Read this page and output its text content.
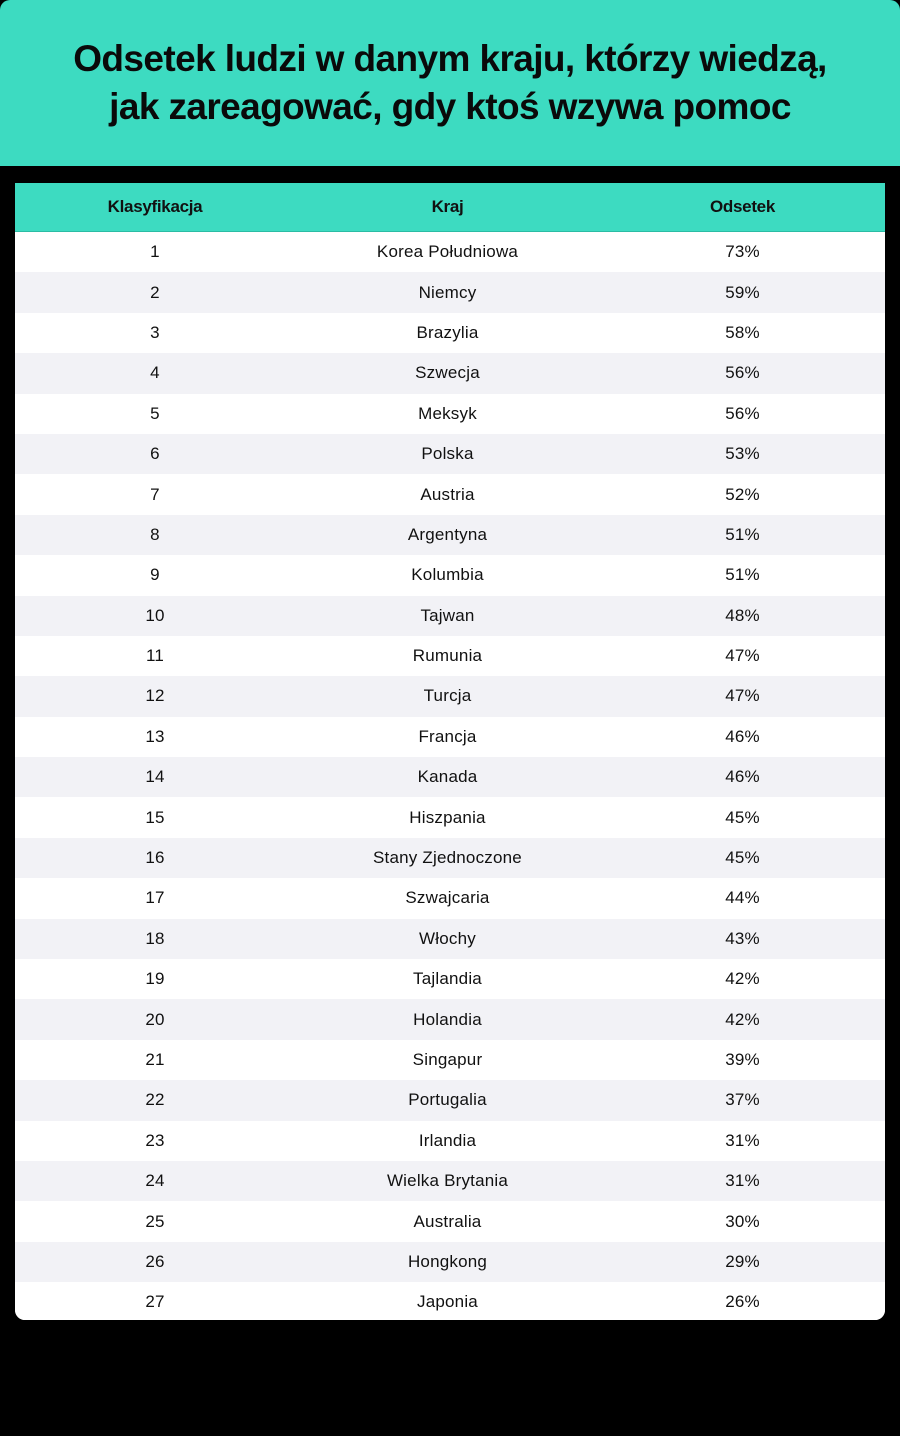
Odsetek ludzi w danym kraju, którzy wiedzą,
jak zareagować, gdy ktoś wzywa pomoc
Klasyfikacja	Kraj	Odsetek
1	Korea Południowa	73%
2	Niemcy	59%
3	Brazylia	58%
4	Szwecja	56%
5	Meksyk	56%
6	Polska	53%
7	Austria	52%
8	Argentyna	51%
9	Kolumbia	51%
10	Tajwan	48%
11	Rumunia	47%
12	Turcja	47%
13	Francja	46%
14	Kanada	46%
15	Hiszpania	45%
16	Stany Zjednoczone	45%
17	Szwajcaria	44%
18	Włochy	43%
19	Tajlandia	42%
20	Holandia	42%
21	Singapur	39%
22	Portugalia	37%
23	Irlandia	31%
24	Wielka Brytania	31%
25	Australia	30%
26	Hongkong	29%
27	Japonia	26%
